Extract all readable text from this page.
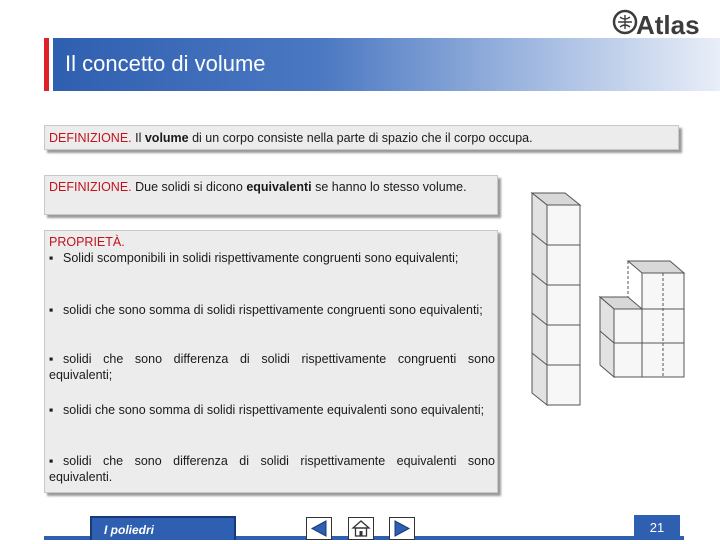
Atlas
Il concetto di volume
DEFINIZIONE. Il volume di un corpo consiste nella parte di spazio che il corpo occupa.
DEFINIZIONE. Due solidi si dicono equivalenti se hanno lo stesso volume.
PROPRIETÀ.
▪ Solidi scomponibili in solidi rispettivamente congruenti sono equivalenti;
▪ solidi che sono somma di solidi rispettivamente congruenti sono equivalenti;
▪ solidi che sono differenza di solidi rispettivamente congruenti sono equivalenti;
▪ solidi che sono somma di solidi rispettivamente equivalenti sono equivalenti;
▪ solidi che sono differenza di solidi rispettivamente equivalenti sono equivalenti.
I poliedri	21
